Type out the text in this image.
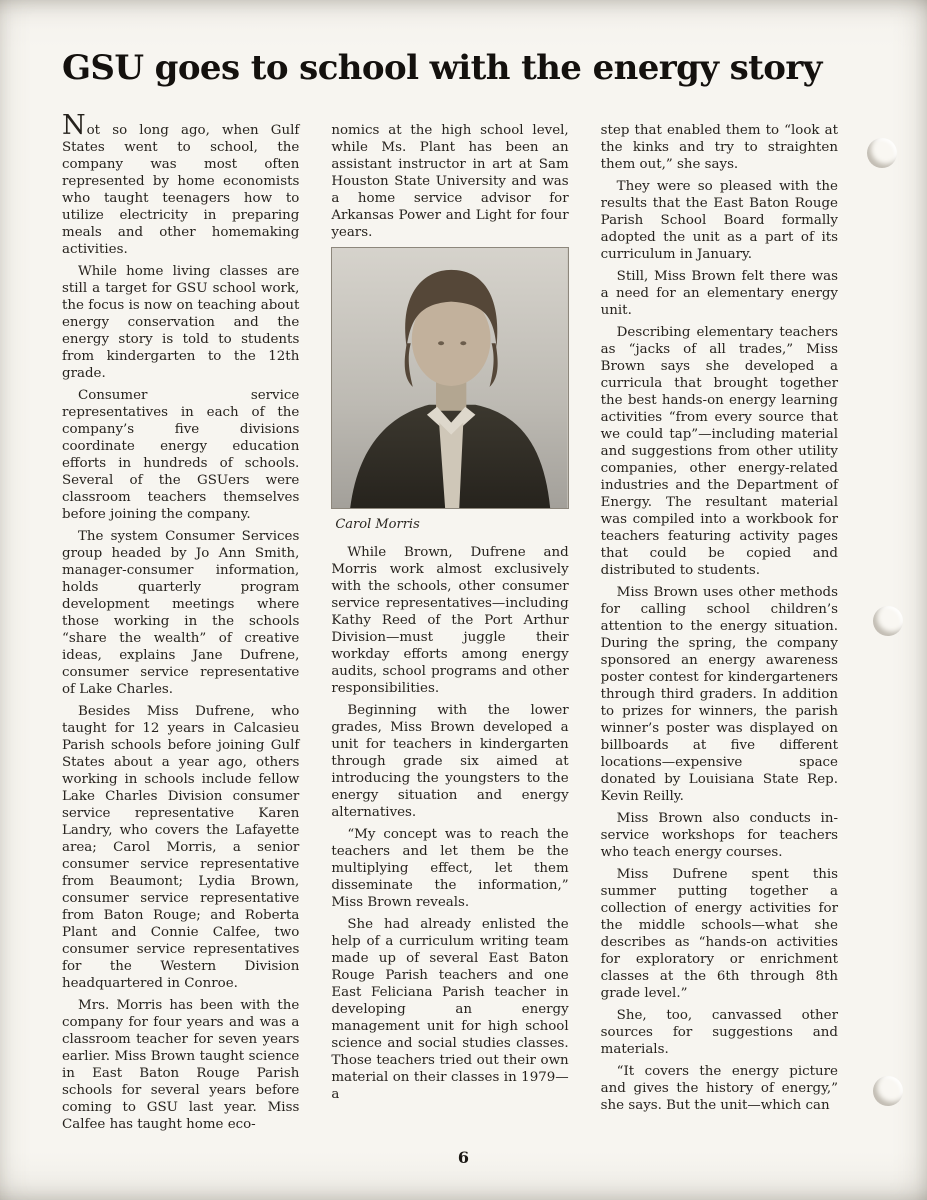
GSU goes to school with the energy story

Not so long ago, when Gulf States went to school, the company was most often represented by home economists who taught teenagers how to utilize electricity in preparing meals and other homemaking activities.

While home living classes are still a target for GSU school work, the focus is now on teaching about energy conservation and the energy story is told to students from kindergarten to the 12th grade.

Consumer service representatives in each of the company’s five divisions coordinate energy education efforts in hundreds of schools. Several of the GSUers were classroom teachers themselves before joining the company.

The system Consumer Services group headed by Jo Ann Smith, manager-consumer information, holds quarterly program development meetings where those working in the schools “share the wealth” of creative ideas, explains Jane Dufrene, consumer service representative of Lake Charles.

Besides Miss Dufrene, who taught for 12 years in Calcasieu Parish schools before joining Gulf States about a year ago, others working in schools include fellow Lake Charles Division consumer service representative Karen Landry, who covers the Lafayette area; Carol Morris, a senior consumer service representative from Beaumont; Lydia Brown, consumer service representative from Baton Rouge; and Roberta Plant and Connie Calfee, two consumer service representatives for the Western Division headquartered in Conroe.

Mrs. Morris has been with the company for four years and was a classroom teacher for seven years earlier. Miss Brown taught science in East Baton Rouge Parish schools for several years before coming to GSU last year. Miss Calfee has taught home eco-

nomics at the high school level, while Ms. Plant has been an assistant instructor in art at Sam Houston State University and was a home service advisor for Arkansas Power and Light for four years.

Carol Morris

While Brown, Dufrene and Morris work almost exclusively with the schools, other consumer service representatives—including Kathy Reed of the Port Arthur Division—must juggle their workday efforts among energy audits, school programs and other responsibilities.

Beginning with the lower grades, Miss Brown developed a unit for teachers in kindergarten through grade six aimed at introducing the youngsters to the energy situation and energy alternatives.

“My concept was to reach the teachers and let them be the multiplying effect, let them disseminate the information,” Miss Brown reveals.

She had already enlisted the help of a curriculum writing team made up of several East Baton Rouge Parish teachers and one East Feliciana Parish teacher in developing an energy management unit for high school science and social studies classes. Those teachers tried out their own material on their classes in 1979—a

step that enabled them to “look at the kinks and try to straighten them out,” she says.

They were so pleased with the results that the East Baton Rouge Parish School Board formally adopted the unit as a part of its curriculum in January.

Still, Miss Brown felt there was a need for an elementary energy unit.

Describing elementary teachers as “jacks of all trades,” Miss Brown says she developed a curricula that brought together the best hands-on energy learning activities “from every source that we could tap”—including material and suggestions from other utility companies, other energy-related industries and the Department of Energy. The resultant material was compiled into a workbook for teachers featuring activity pages that could be copied and distributed to students.

Miss Brown uses other methods for calling school children’s attention to the energy situation. During the spring, the company sponsored an energy awareness poster contest for kindergarteners through third graders. In addition to prizes for winners, the parish winner’s poster was displayed on billboards at five different locations—expensive space donated by Louisiana State Rep. Kevin Reilly.

Miss Brown also conducts in-service workshops for teachers who teach energy courses.

Miss Dufrene spent this summer putting together a collection of energy activities for the middle schools—what she describes as “hands-on activities for exploratory or enrichment classes at the 6th through 8th grade level.”

She, too, canvassed other sources for suggestions and materials.

“It covers the energy picture and gives the history of energy,” she says. But the unit—which can

6
